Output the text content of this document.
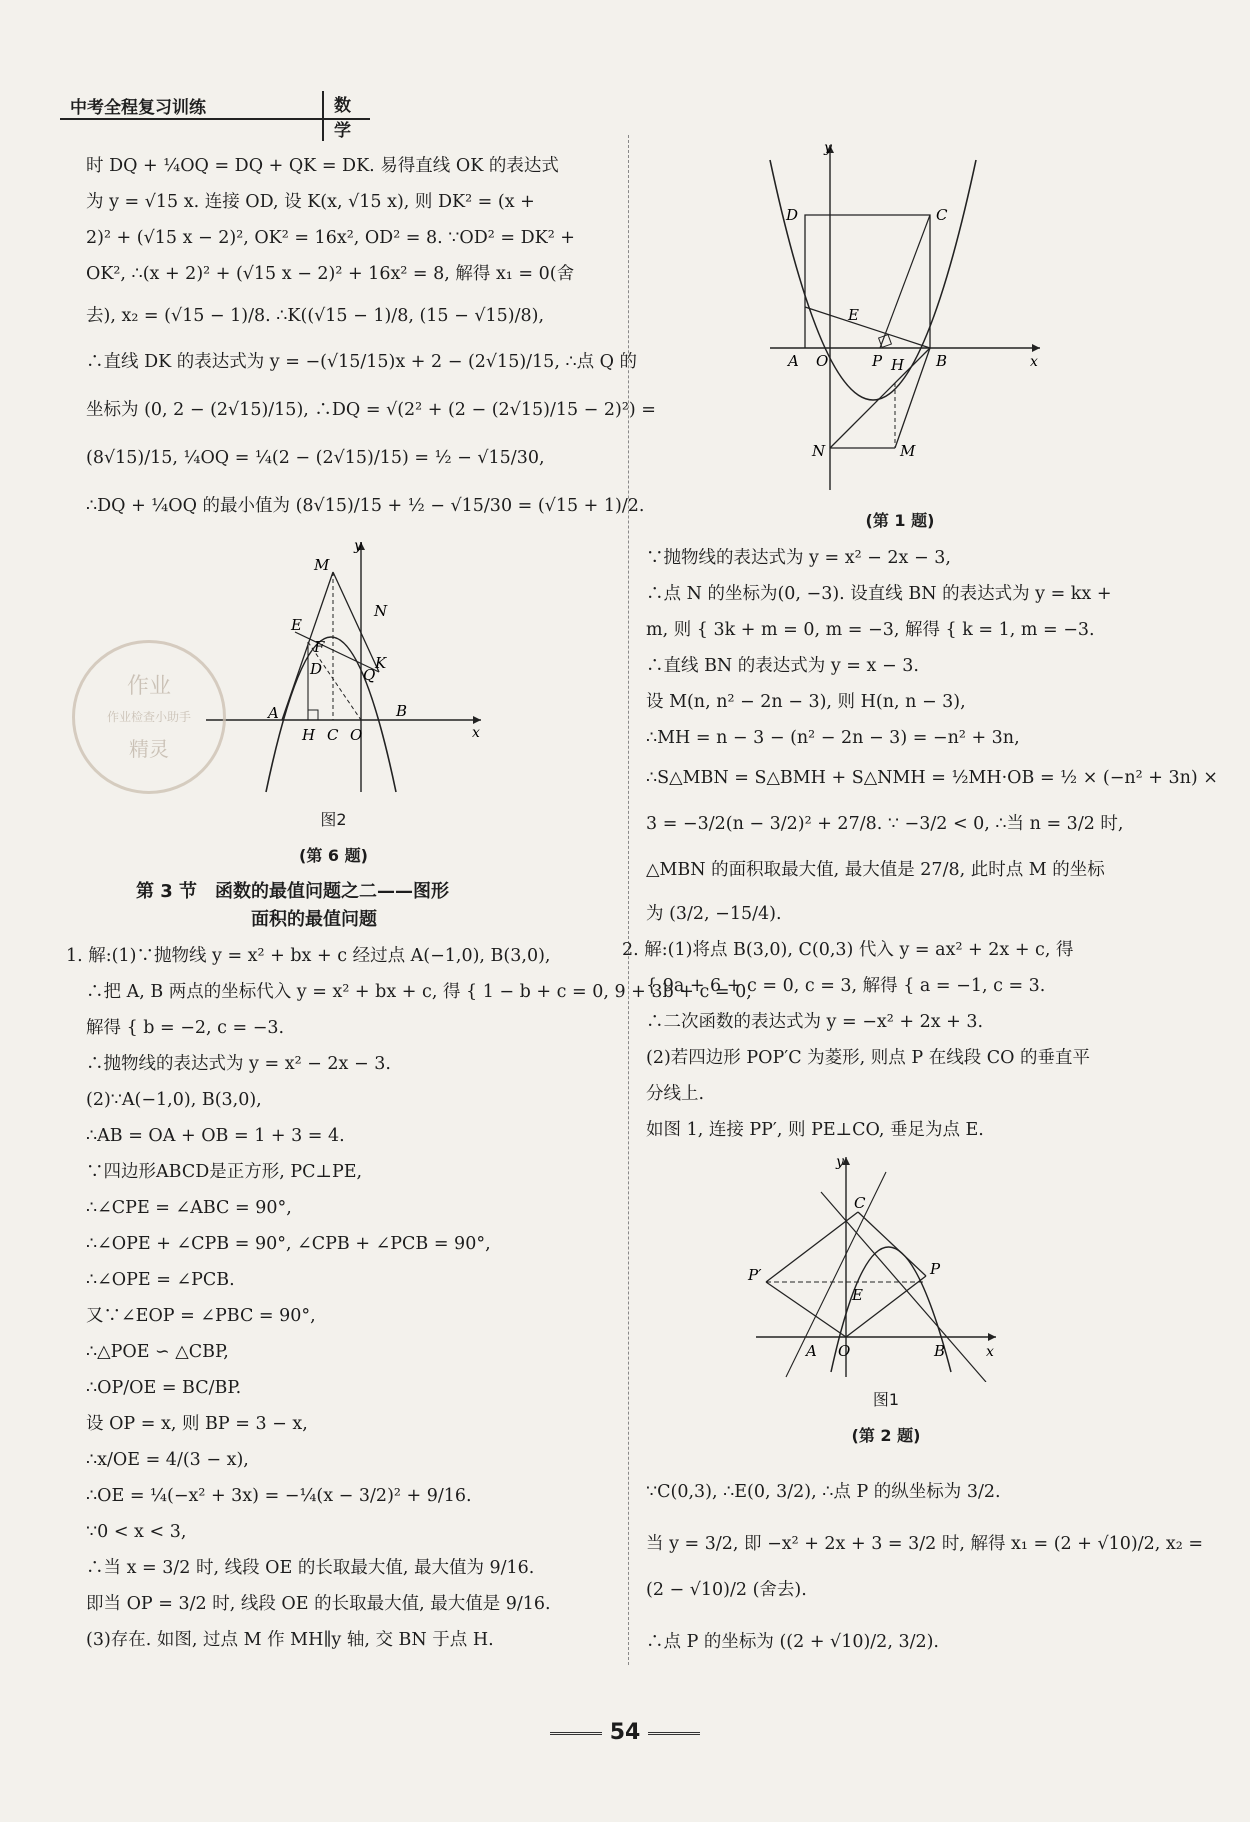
中考全程复习训练	数学
时 DQ + ¼OQ = DQ + QK = DK. 易得直线 OK 的表达式
为 y = √15 x. 连接 OD, 设 K(x, √15 x), 则 DK² = (x +
2)² + (√15 x − 2)², OK² = 16x², OD² = 8. ∵OD² = DK² +
OK², ∴(x + 2)² + (√15 x − 2)² + 16x² = 8, 解得 x₁ = 0(舍
去), x₂ = (√15 − 1)/8. ∴K((√15 − 1)/8, (15 − √15)/8),
∴直线 DK 的表达式为 y = −(√15/15)x + 2 − (2√15)/15, ∴点 Q 的
坐标为 (0, 2 − (2√15)/15), ∴DQ = √(2² + (2 − (2√15)/15 − 2)²) =
(8√15)/15, ¼OQ = ¼(2 − (2√15)/15) = ½ − √15/30,
∴DQ + ¼OQ 的最小值为 (8√15)/15 + ½ − √15/30 = (√15 + 1)/2.
y
M
E
N
F
D	K
Q
A	B
H C O	x
图2
(第 6 题)
第 3 节　函数的最值问题之二——图形
面积的最值问题
1. 解:(1)∵抛物线 y = x² + bx + c 经过点 A(−1,0), B(3,0),
∴把 A, B 两点的坐标代入 y = x² + bx + c, 得 { 1 − b + c = 0, 9 + 3b + c = 0,
解得 { b = −2, c = −3.
∴抛物线的表达式为 y = x² − 2x − 3.
(2)∵A(−1,0), B(3,0),
∴AB = OA + OB = 1 + 3 = 4.
∵四边形ABCD是正方形, PC⊥PE,
∴∠CPE = ∠ABC = 90°,
∴∠OPE + ∠CPB = 90°, ∠CPB + ∠PCB = 90°,
∴∠OPE = ∠PCB.
又∵∠EOP = ∠PBC = 90°,
∴△POE ∽ △CBP,
∴OP/OE = BC/BP.
设 OP = x, 则 BP = 3 − x,
∴x/OE = 4/(3 − x),
∴OE = ¼(−x² + 3x) = −¼(x − 3/2)² + 9/16.
∵0 < x < 3,
∴当 x = 3/2 时, 线段 OE 的长取最大值, 最大值为 9/16.
即当 OP = 3/2 时, 线段 OE 的长取最大值, 最大值是 9/16.
(3)存在. 如图, 过点 M 作 MH∥y 轴, 交 BN 于点 H.
作业
作业检查小助手
精灵
y
D	C
E
A O	P H B	x
N	M
(第 1 题)
∵抛物线的表达式为 y = x² − 2x − 3,
∴点 N 的坐标为(0, −3). 设直线 BN 的表达式为 y = kx +
m, 则 { 3k + m = 0, m = −3, 解得 { k = 1, m = −3.
∴直线 BN 的表达式为 y = x − 3.
设 M(n, n² − 2n − 3), 则 H(n, n − 3),
∴MH = n − 3 − (n² − 2n − 3) = −n² + 3n,
∴S△MBN = S△BMH + S△NMH = ½MH·OB = ½ × (−n² + 3n) ×
3 = −3/2(n − 3/2)² + 27/8. ∵ −3/2 < 0, ∴当 n = 3/2 时,
△MBN 的面积取最大值, 最大值是 27/8, 此时点 M 的坐标
为 (3/2, −15/4).
2. 解:(1)将点 B(3,0), C(0,3) 代入 y = ax² + 2x + c, 得
{ 9a + 6 + c = 0, c = 3, 解得 { a = −1, c = 3.
∴二次函数的表达式为 y = −x² + 2x + 3.
(2)若四边形 POP′C 为菱形, 则点 P 在线段 CO 的垂直平
分线上.
如图 1, 连接 PP′, 则 PE⊥CO, 垂足为点 E.
y
C
P′	P
E
A O	B	x
图1
(第 2 题)
∵C(0,3), ∴E(0, 3/2), ∴点 P 的纵坐标为 3/2.
当 y = 3/2, 即 −x² + 2x + 3 = 3/2 时, 解得 x₁ = (2 + √10)/2, x₂ =
(2 − √10)/2 (舍去).
∴点 P 的坐标为 ((2 + √10)/2, 3/2).
54
